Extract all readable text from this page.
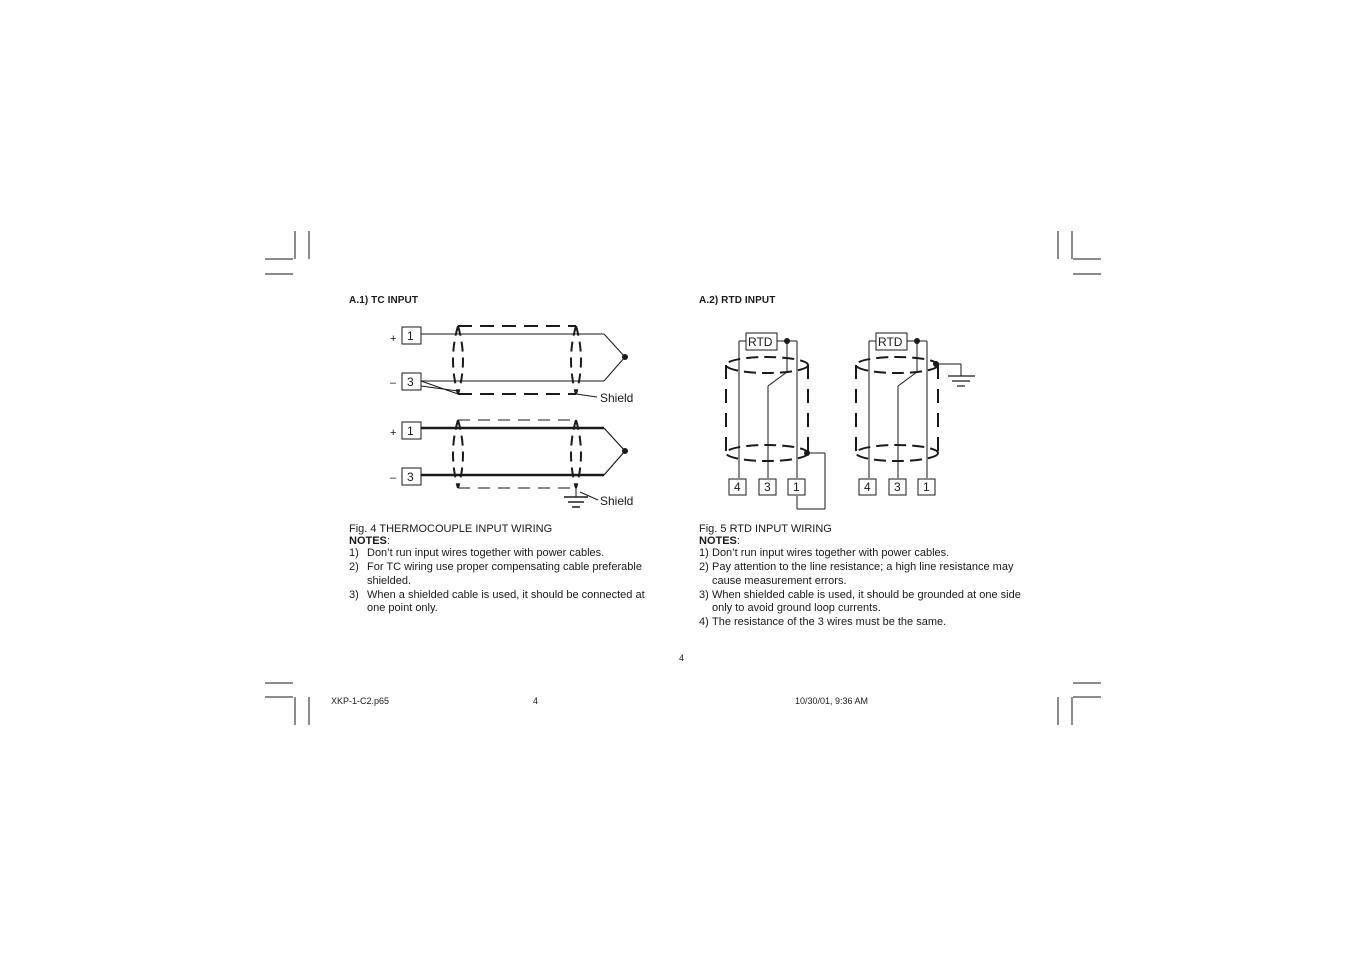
A.1) TC INPUT	A.2) RTD INPUT
+
–
1
3
Shield
+
–
1
3
Shield
RTD
4 3 1
RTD
4 3 1
Fig. 4 THERMOCOUPLE INPUT WIRING
NOTES:
1) Don’t run input wires together with power cables.
2) For TC wiring use proper compensating cable preferable shielded.
3) When a shielded cable is used, it should be connected at one point only.
Fig. 5 RTD INPUT WIRING
NOTES:
1) Don’t run input wires together with power cables.
2) Pay attention to the line resistance; a high line resistance may cause measurement errors.
3) When shielded cable is used, it should be grounded at one side only to avoid ground loop currents.
4) The resistance of the 3 wires must be the same.
4
XKP-1-C2.p65	4	10/30/01, 9:36 AM
